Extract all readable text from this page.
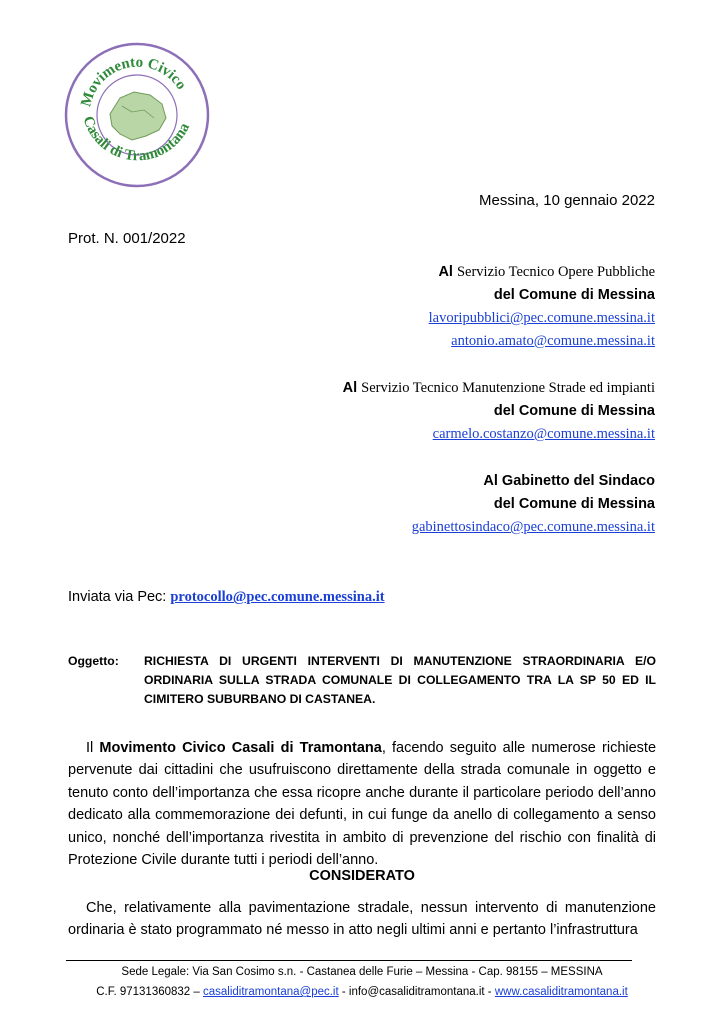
Movimento Civico
Casali di Tramontana
Messina, 10 gennaio 2022
Prot. N. 001/2022
Al Servizio Tecnico Opere Pubbliche
del Comune di Messina
lavoripubblici@pec.comune.messina.it
antonio.amato@comune.messina.it
Al Servizio Tecnico Manutenzione Strade ed impianti
del Comune di Messina
carmelo.costanzo@comune.messina.it
Al Gabinetto del Sindaco
del Comune di Messina
gabinettosindaco@pec.comune.messina.it
Inviata via Pec: protocollo@pec.comune.messina.it
Oggetto: RICHIESTA DI URGENTI INTERVENTI DI MANUTENZIONE STRAORDINARIA E/O ORDINARIA SULLA STRADA COMUNALE DI COLLEGAMENTO TRA LA SP 50 ED IL CIMITERO SUBURBANO DI CASTANEA.
Il Movimento Civico Casali di Tramontana, facendo seguito alle numerose richieste pervenute dai cittadini che usufruiscono direttamente della strada comunale in oggetto e tenuto conto dell’importanza che essa ricopre anche durante il particolare periodo dell’anno dedicato alla commemorazione dei defunti, in cui funge da anello di collegamento a senso unico, nonché dell’importanza rivestita in ambito di prevenzione del rischio con finalità di Protezione Civile durante tutti i periodi dell’anno.
CONSIDERATO
Che, relativamente alla pavimentazione stradale, nessun intervento di manutenzione ordinaria è stato programmato né messo in atto negli ultimi anni e pertanto l’infrastruttura
Sede Legale: Via San Cosimo s.n. - Castanea delle Furie – Messina - Cap. 98155 – MESSINA
C.F. 97131360832 – casaliditramontana@pec.it - info@casaliditramontana.it - www.casaliditramontana.it
